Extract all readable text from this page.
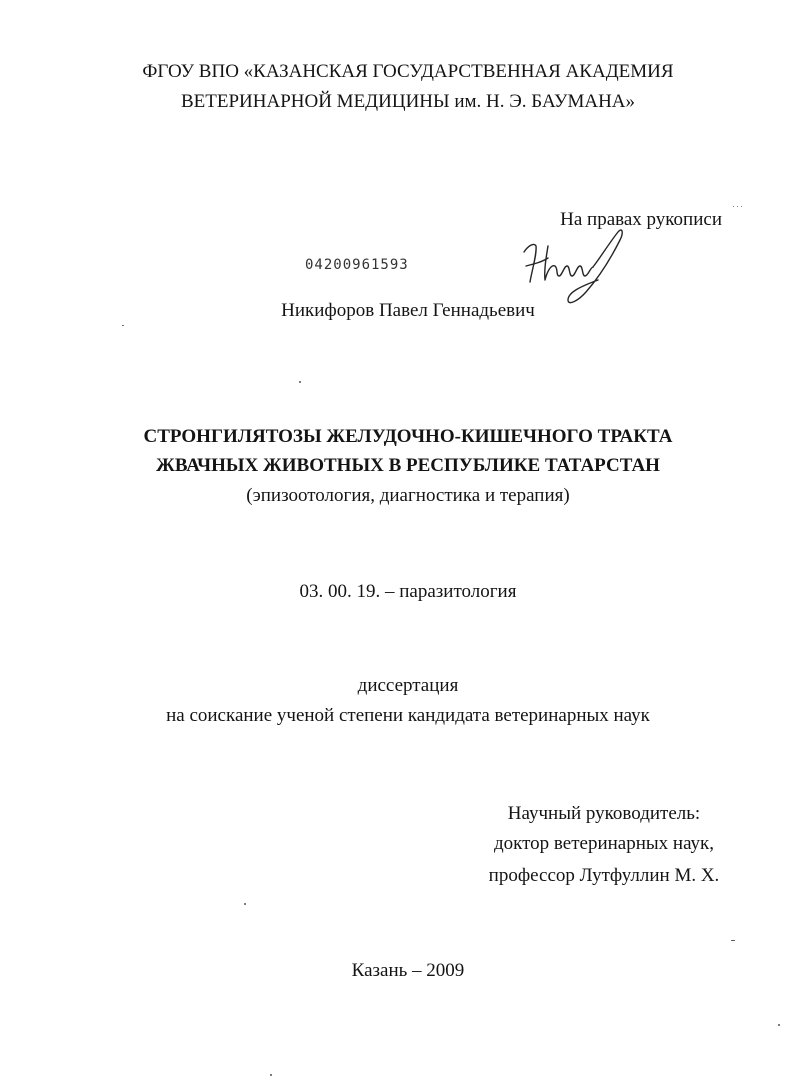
ФГОУ ВПО «КАЗАНСКАЯ ГОСУДАРСТВЕННАЯ АКАДЕМИЯ
ВЕТЕРИНАРНОЙ МЕДИЦИНЫ им. Н. Э. БАУМАНА»
На правах рукописи
04200961593
Никифоров Павел Геннадьевич
СТРОНГИЛЯТОЗЫ ЖЕЛУДОЧНО-КИШЕЧНОГО ТРАКТА
ЖВАЧНЫХ ЖИВОТНЫХ В РЕСПУБЛИКЕ ТАТАРСТАН
(эпизоотология, диагностика и терапия)
03. 00. 19. – паразитология
диссертация
на соискание ученой степени кандидата ветеринарных наук
Научный руководитель:
доктор ветеринарных наук,
профессор Лутфуллин М. Х.
Казань – 2009
